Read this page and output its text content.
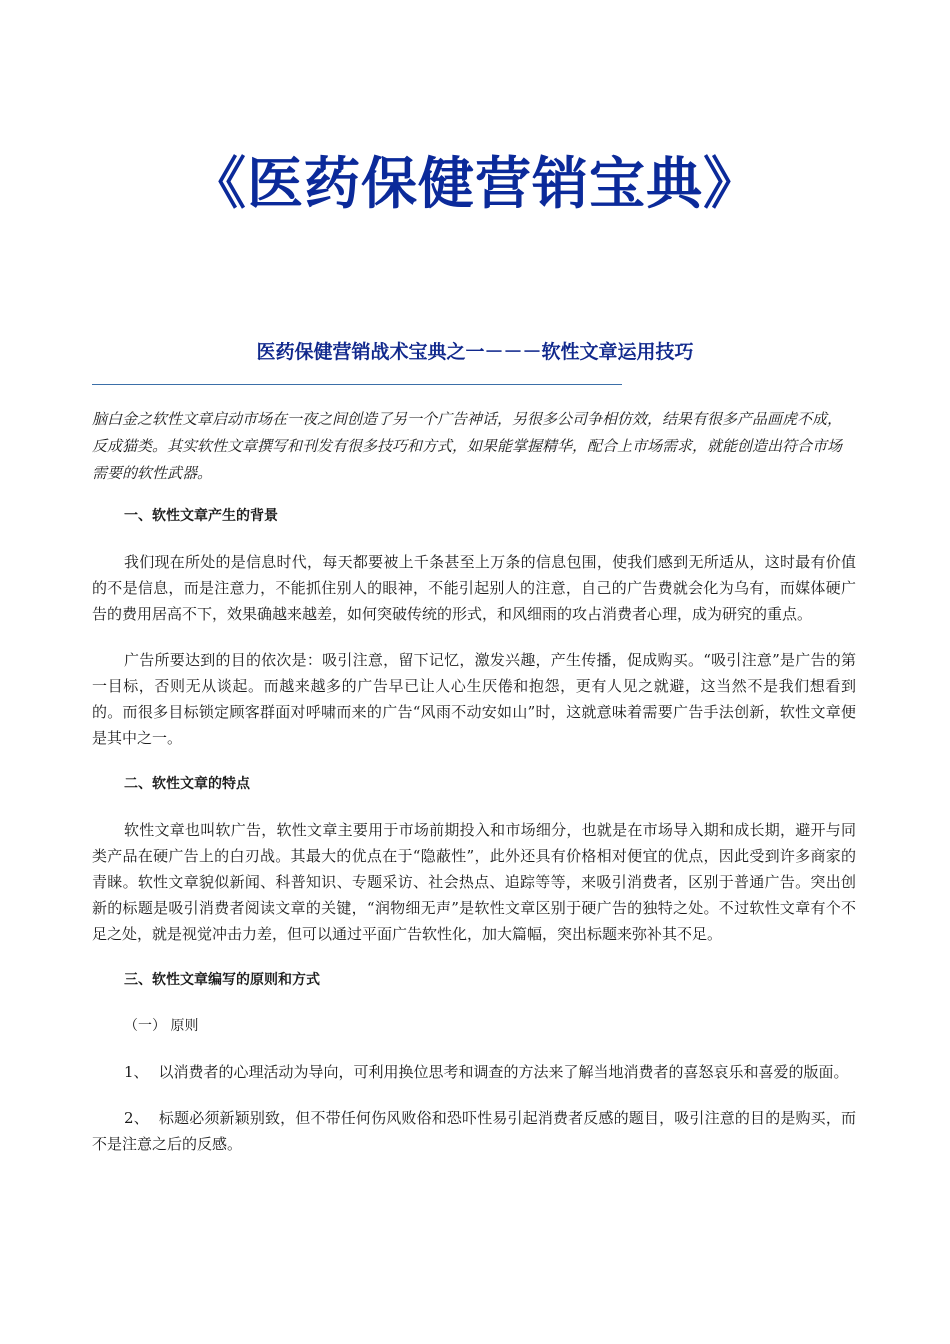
《医药保健营销宝典》
医药保健营销战术宝典之一－－－软性文章运用技巧

脑白金之软性文章启动市场在一夜之间创造了另一个广告神话，另很多公司争相仿效，结果有很多产品画虎不成，反成猫类。其实软性文章撰写和刊发有很多技巧和方式，如果能掌握精华，配合上市场需求，就能创造出符合市场需要的软性武器。

一、软性文章产生的背景

我们现在所处的是信息时代，每天都要被上千条甚至上万条的信息包围，使我们感到无所适从，这时最有价值的不是信息，而是注意力，不能抓住别人的眼神，不能引起别人的注意，自己的广告费就会化为乌有，而媒体硬广告的费用居高不下，效果确越来越差，如何突破传统的形式，和风细雨的攻占消费者心理，成为研究的重点。

广告所要达到的目的依次是：吸引注意，留下记忆，激发兴趣，产生传播，促成购买。“吸引注意”是广告的第一目标，否则无从谈起。而越来越多的广告早已让人心生厌倦和抱怨，更有人见之就避，这当然不是我们想看到的。而很多目标锁定顾客群面对呼啸而来的广告“风雨不动安如山”时，这就意味着需要广告手法创新，软性文章便是其中之一。

二、软性文章的特点

软性文章也叫软广告，软性文章主要用于市场前期投入和市场细分，也就是在市场导入期和成长期，避开与同类产品在硬广告上的白刃战。其最大的优点在于“隐蔽性”，此外还具有价格相对便宜的优点，因此受到许多商家的青睐。软性文章貌似新闻、科普知识、专题采访、社会热点、追踪等等，来吸引消费者，区别于普通广告。突出创新的标题是吸引消费者阅读文章的关键，“润物细无声”是软性文章区别于硬广告的独特之处。不过软性文章有个不足之处，就是视觉冲击力差，但可以通过平面广告软性化，加大篇幅，突出标题来弥补其不足。

三、软性文章编写的原则和方式
（一） 原则

1、 以消费者的心理活动为导向，可利用换位思考和调查的方法来了解当地消费者的喜怒哀乐和喜爱的版面。

2、 标题必须新颖别致，但不带任何伤风败俗和恐吓性易引起消费者反感的题目，吸引注意的目的是购买，而不是注意之后的反感。
